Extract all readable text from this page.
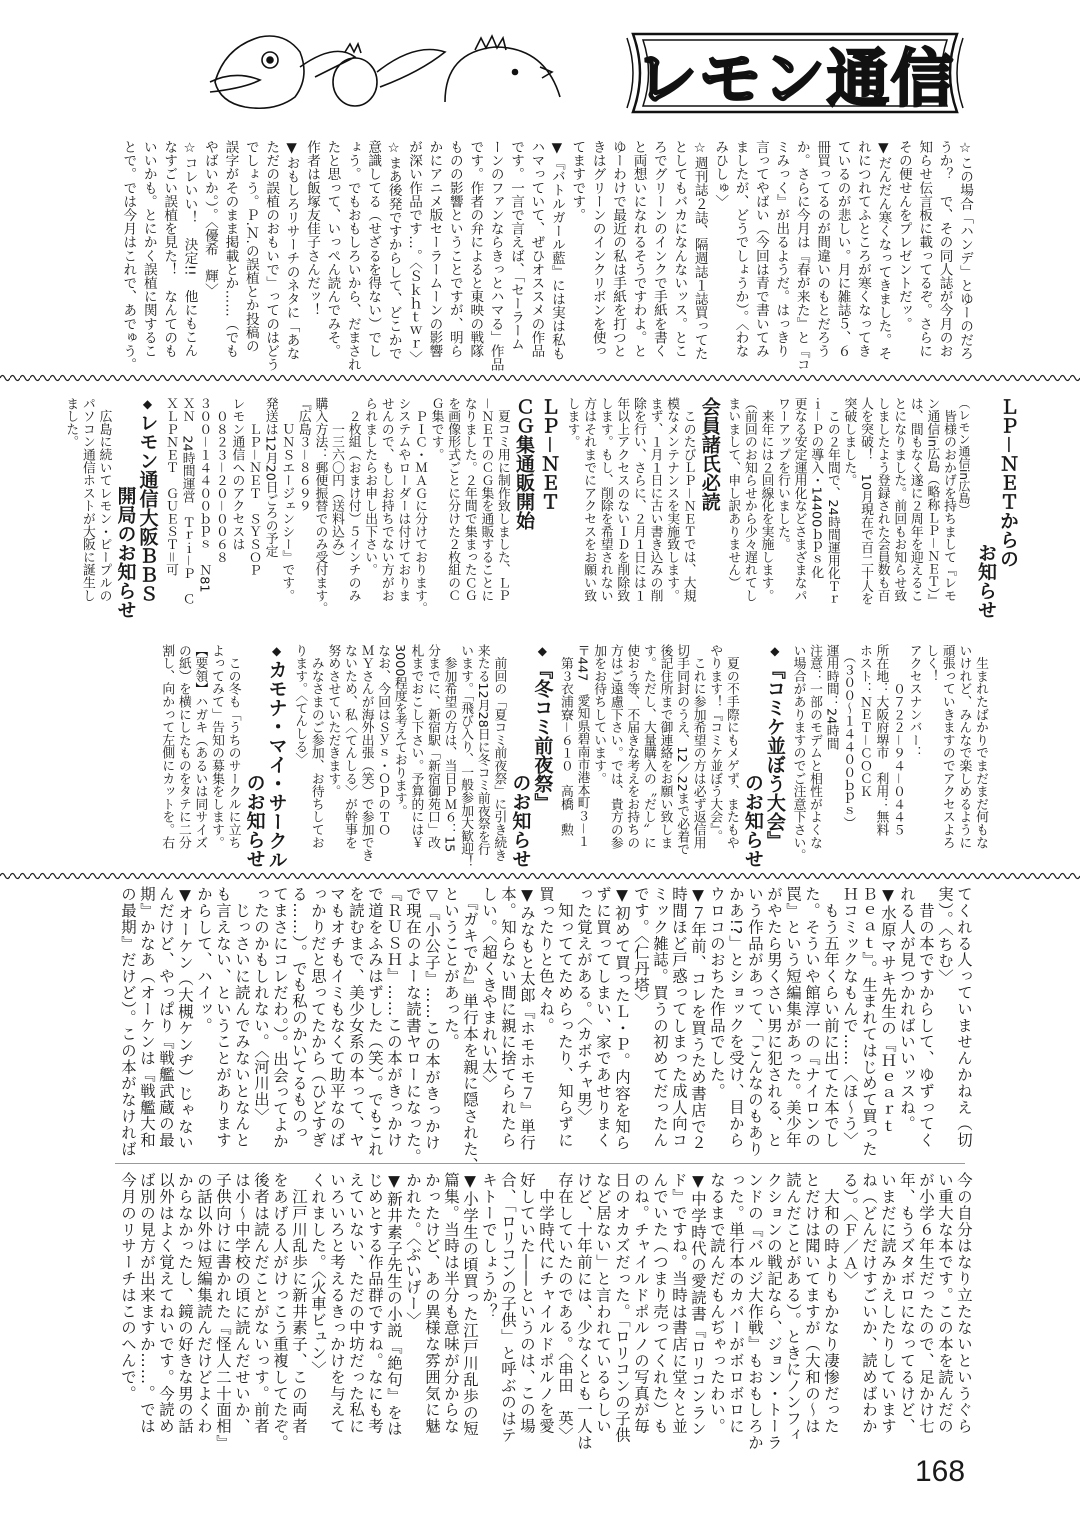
レモン通信
☆この場合「ハンデ」とゆーのだろ
うか？　で、その同人誌が今月のお
知らせ伝言板に載ってるぞ。さらに
その便せんをプレゼントだッ。
▼だんだん寒くなってきました。そ
れにつれてふところが寒くなってき
ているのが悲しい。月に雑誌５、６
冊買ってるのが間違いのもとだろう
か。さらに今月は『春が来た』と『コ
ミみっく』が出るようだ。はっきり
言ってやばい（今回は青で書いてみ
ましたが、どうでしょうか）。〈わな
みひしゅ〉
☆週刊誌２誌、隔週誌１誌買ってた
としてもバカになんないッス。とこ
ろでグリーンのインクで手紙を書く
と両想いになれるそうですわよ。と
ゆーわけで最近の私は手紙を打つと
きはグリーンのインクリボンを使っ
てますです。
▼『バトルガール藍』には実は私も
ハマっていて、ぜひオススメの作品
です。一言で言えば、「セーラーム
ーンのファンならきっとハマる」作品
です。作者の弁によると東映の戦隊
ものの影響ということですが、明ら
かにアニメ版セーラームーンの影響
が深い作品です…。〈Ｓｋｈｔｗｒ〉
☆まあ後発ですからして、どこかで
意識してる（せざるを得ない）でし
ょう。でもおもしろいから、だまされ
たと思って、いっぺん読んでみそ。
作者は飯塚友佳子さんだッ！
▼おもしろリサーチのネタに「あな
ただの誤植のおもいで」ってのはどう
でしょう。Ｐ.Ｎ.の誤植とか投稿の
誤字がそのまま掲載とか……（でも
やばいか。）。〈優希　輝〉
☆コレいい！　決定!!　他にもこん
なすごい誤植を見た！　なんてのも
いいかも。とにかく誤植に関するこ
とで。では今月はこれで、あでゅう。
ＬＰ－ＮＥＴからの
お知らせ
（レモン通信in広島）
　皆様のおかげを持ちまして『レモ
ン通信in広島（略称ＬＰ－ＮＥＴ）』
は、間もなく遂に２周年を迎えるこ
とになりました。前回もお知らせ致
しましたよう登録された会員数も百
人を突破！　10月現在で百二十人を
突破しました。
　この２年間で、24時間運用化Ｔｒ
ｉ－Ｐの導入・14400ｂｐｓ化
更なる安定運用化などさまざまなパ
ワーアップを行いました。
　来年には２回線化を実施します。
（前回のお知らせから少々遅れてし
まいまして、申し訳ありません）
会員諸氏必読
　このたびＬＰ－ＮＥＴでは、大規
模なメンテナンスを実施致します。
まず、１月１日に古い書き込みの削
除を行い、さらに、２月１日には１
年以上アクセスのないＩＤを削除致
します。もし、削除を希望されない
方はそれまでにアクセスをお願い致
します。
ＬＰ－ＮＥＴ
ＣＧ集通販開始
　夏コミ用に制作致しました、ＬＰ
－ＮＥＴのＣＧ集を通販することに
なりました。２年間で集まったＣＧ
を画像形式ごとに分けた２枚組のＣ
Ｇ集です。
　ＰＩＣ・ＭＡＧに分けております。
システムやローダーは付けておりま
せんので、もしお持ちでない方がお
られましたらお申し出下さい。
　２枚組（おまけ付）５インチのみ
　　一三六〇円（送料込み）
購入方法：郵便振替でのみ受付ます。
『広島３－８６９９
　　ＵＮＳエージェンシー』です。
発送は12月20日ごろの予定
　　ＬＰ－ＮＥＴ　ＳＹＳＯＰ
レモン通信へのアクセスは
　０８２３－２０－００６８
３００－１４４００ｂｐｓ　Ｎ81
ＸＮ　24時間運営　Ｔｒｉ－Ｐ　Ｃ
ＸＬＰＮＥＴ　ＧＵＥＳＴ＝可
◆レモン通信大阪ＢＢＳ
開局のお知らせ
　広島に続いてレモン・ピープルの
パソコン通信ホストが大阪に誕生し
ました。
　生まれたばかりでまだまだ何もな
いけれど、みんなで楽しめるように
頑張っていきますのでアクセスよろ
しく！
アクセスナンバー：
　　　０７２２－９４－０４４５
所在地：大阪府堺市　利用：無料
ホスト：ＮＥＴ－ＣＯＣＫ
　（３００～１４４００ｂｐｓ）
運用時間：24時間
注意：一部のモデムと相性がよくな
い場合がありますのでご注意下さい。
◆『コミケ並ぼう大会』
のお知らせ
　夏の不手際にもメゲず、またもや
やります！『コミケ並ぼう大会』。
　これに参加希望の方は必ず返信用
切手同封のうえ、12／22まで必着で
後記住所まで御連絡をお願い致しま
す。ただし、大量購入の〝だし〟に
使おう等、不届きな考えをお持ちの
方はご遠慮下さい。では、貴方の参
加をお待ちしています。
〒447　愛知県碧南市港本町３－１
　第３衣浦寮－６１０　高橋　勲
◆『冬コミ前夜祭』
のお知らせ
　前回の「夏コミ前夜祭」に引き続き
来たる12月28日に冬コミ前夜祭を行
います。「飛び入り、一般参加大歓迎！
　参加希望の方は、当日ＰＭ６：15
分までに、新宿駅「新宿御苑口」改
札までおこし下さい。予算的には￥
3000程度を考えております。
なお、今回はＳｙｓ・ＯｐのＴＯ
ＭＹさんが海外出張（笑）で参加でき
ないため、私〈てんしる〉が幹事を
努めさせていただきます。
　みなさまのご参加、お待ちしてお
ります。〈てんしる〉
◆カモナ・マイ・サークル
のお知らせ
　この冬も「うちのサークルに立ち
よってみて」告知の募集をします。
【要領】ハガキ（あるいは同サイズ
の紙）を横にしたものをタテに二分
割し、向かって左側にカットを。右
てくれる人っていませんかねえ（切
実）。〈ちむ〉
　昔の本ですからして、ゆずってく
れる人が見つかればいいッスね。
▼水原マサキ先生の『Ｈｅａｒｔ
Ｂｅａｔ』。生まれてはじめて買った
Ｈコミックなもんで……〈ほ～う〉
　もう五年くらい前に出てた本でし
た。そういや館淳一の『ナイロンの
罠』という短編集があった。美少年
がやたら男くさい男に犯される、と
いう作品があって、「こんなのもあり
かあ!?」とショックを受け、目から
ウロコのおちた作品でした。
▼７年前、コレを買うため書店で２
時間ほど戸惑ってしまった成人向コ
ミック雑誌。買うの初めてだったん
です。〈仁丹塔〉
▼初めて買ったＬ・Ｐ。内容を知ら
ずに買ってしまい、家であせりまく
った覚えがある。〈カボチャ男〉
　知っててためらったり、知らずに
買ったりと色々ね。
▼みなもと太郎『ホモホモ７』単行
本。知らない間に親に捨てられたら
しい。〈超くきやまれい太〉
　『ガキでか』単行本を親に隠された、
ということがあった。
▽『小公子』……この本がきっかけ
で現在のよーな読書ヤローになった。
『ＲＵＳＨ』……この本がきっかけ
で道をふみはずした（笑）。でもこれ
を読むまで、美少女系の本って、ヤ
マもオチもイミもなくて助平なのば
っかりだと思ってたから（ひどすぎ
る……）。でも私のかいてるものっ
てまさにコレだわ。）。出会ってよか
ったのかもしれない。〈河川出〉
　じっさいに読んでみないとなんと
も言えない、ということがあります
からして、ハイッ。
▼オーケン（大槻ケンヂ）じゃない
んだけど、やっぱり『戦艦武蔵の最
期』かなあ（オーケンは『戦艦大和
の最期』だけど）。この本がなければ
今の自分はなり立たないというぐら
い重大な本です。この本を読んだの
が小学６年生だったので、足かけ七
年、もうズタボロになってるけど、
いまだに読みかえしたりしています
ね（どんだけすごいか、読めばわか
る）。〈Ｆ／Ａ〉
　大和の時よりもかなり凄惨だった
とだけは聞いてますが（大和の～は
読んだことがある）。ときにノンフィ
クションの戦記なら、ジョン・トーラ
ンドの『バルジ大作戦』もおもしろか
った。単行本のカバーがボロボロに
なるまで読んだもんぢゃったわい。
▼中学時代の愛読書『ロリコンラン
ド』ですね。当時は書店に堂々と並
んでいた（つまり売ってくれた）も
のね。チャイルドポルノの写真が毎
日のオカズだった。「ロリコンの子供
など居ない」と言われているらしい
けど、十年前には、少なくとも一人は
存在していたのである。〈串田　英〉
　中学時代にチャイルドポルノを愛
好していた――というのは、この場
合、「ロリコンの子供」と呼ぶのはテ
キトーでしょうか？
▼小学生の頃買った江戸川乱歩の短
篇集。当時は半分も意味が分からな
かったけど、あの異様な雰囲気に魅
かれた。〈ぶいげー〉
▼新井素子先生の小説『絶句』をは
じめとする作品群ですね。なにも考
えていない、ただの中坊だった私に
いろいろと考えるきっかけを与えて
くれました。〈火車ビュン〉
　江戸川乱歩に新井素子、この両者
をあげる人がけっこう重複してたぞ。
後者は読んだことがないっす。前者
は小～中学校の頃に読んだせいか、
子供向けに書かれた『怪人二十面相』
の話以外は短編集読んだけどよくわ
からなかったし、鏡の好きな男の話
以外はよく覚えてねいです。今読め
ば別の見方が出来ますか……。では
今月のリサーチはこのへんで。
168
